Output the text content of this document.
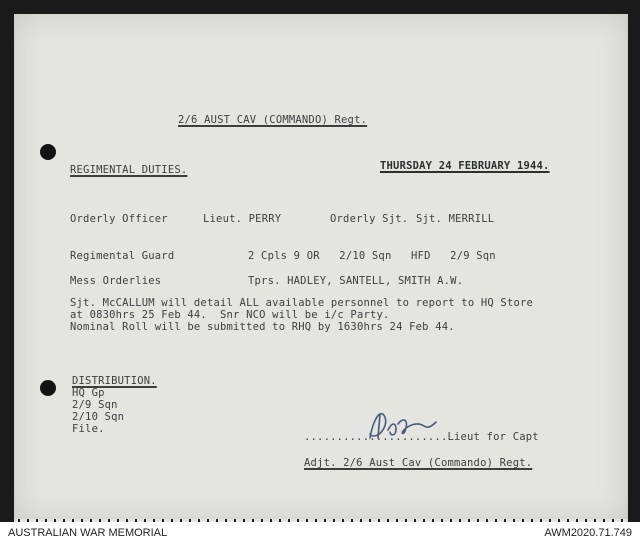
2/6 AUST CAV (COMMANDO) Regt.

REGIMENTAL DUTIES.	THURSDAY 24 FEBRUARY 1944.

Orderly Officer	Lieut. PERRY	Orderly Sjt. Sjt. MERRILL

Regimental Guard	2 Cpls 9 OR   2/10 Sqn   HFD   2/9 Sqn

Mess Orderlies	Tprs. HADLEY, SANTELL, SMITH A.W.

Sjt. McCALLUM will detail ALL available personnel to report to HQ Store

at 0830hrs 25 Feb 44.  Snr NCO will be i/c Party.

Nominal Roll will be submitted to RHQ by 1630hrs 24 Feb 44.

DISTRIBUTION.

HQ Gp

2/9 Sqn

2/10 Sqn

File.

......................Lieut for Capt

Adjt. 2/6 Aust Cav (Commando) Regt.

AUSTRALIAN WAR MEMORIAL	AWM2020.71.749
